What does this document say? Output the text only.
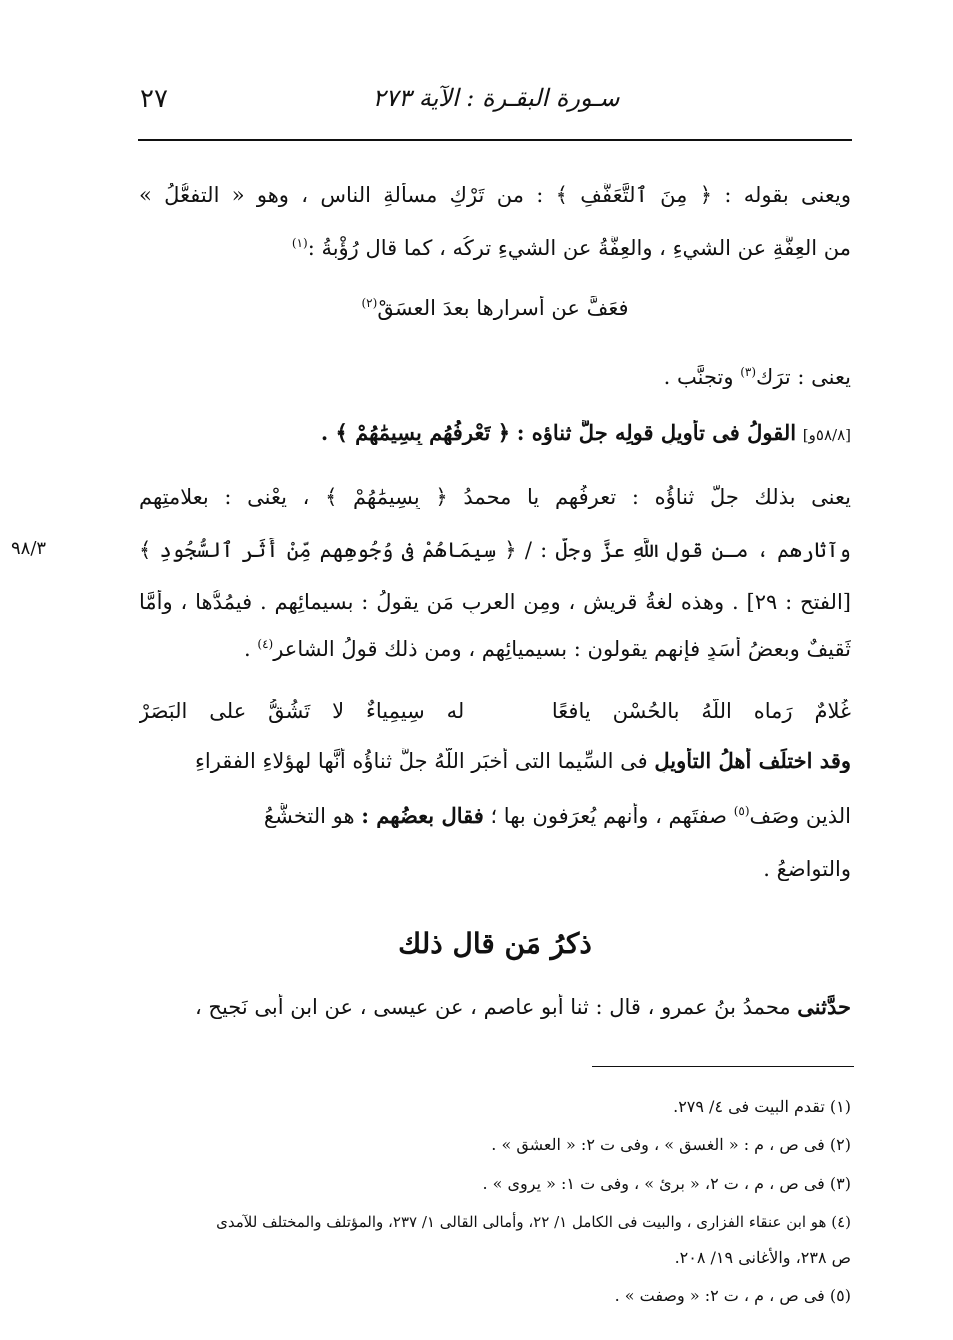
٢٧	سـورة البقـرة : الآية ٢٧٣
ويعنى بقوله : ﴿ مِنَ ٱلتَّعَفُّفِ ﴾ : من تَرْكِ مسألةِ الناسِ ، وهو « التفعُّلُ »
من العِفَّةِ عن الشيءِ ، والعِفَّةُ عن الشيءِ تركُه ، كما قال رُؤْبةُ :$^{(١)}$
فعَفَّ عن أسرارِها بعدَ العسَقْ$^{(٢)}$
يعنى : ترَك$^{(٣)}$ وتجنَّب .
[٥٨/٨و] القولُ فى تأويلِ قولِه جلَّ ثناؤه : ﴿ تَعْرِفُهُم بِسِيمَٰهُمْ ﴾ .
يعنى بذلك جلَّ ثناؤُه : تعرِفُهم يا محمدُ ﴿ بِسِيمَٰهُمْ ﴾ ، يعْنى : بعلامتِهم
٩٨/٣	وآثارِهم ، مـن قولِ اللَّهِ عزَّ وجلَّ : / ﴿ سِيمَاهُمْ فِى وُجُوهِهِم مِّنْ أَثَرِ ٱلسُّجُودِ ﴾
[الفتح : ٢٩] . وهذه لغةُ قريشٍ ، ومِن العربِ مَن يقولُ : بسيمائِهم . فيمُدُّها ، وأمَّا
ثَقيفٌ وبعضُ أسَدٍ فإنهم يقولون : بسيميائِهم ، ومن ذلك قولُ الشاعرِ$^{(٤)}$ .
غُلامٌ رَماه اللَّهُ بالحُسْنِ يافعًا    له سِيمِياءٌ لا تَشُقُّ على البَصَرْ
وقد اختلَف أهلُ التأويلِ فى السِّيما التى أَخبَر اللَّهُ جلَّ ثناؤُه أنَّها لهؤلاءِ الفقراءِ
الذين وصَف$^{(٥)}$ صفتَهم ، وأنهم يُعرَفون بها ؛ فقال بعضُهم : هو التخشُّعُ
والتواضعُ .
ذكرُ مَن قال ذلك
حدَّثنى محمدُ بنُ عمرٍو ، قال : ثنا أبو عاصمٍ ، عن عيسى ، عن ابنِ أبى نَجيحٍ ،
(١) تقدم البيت فى ٤/ ٢٧٩.
(٢) فى ص ، م : « الغسق » ، وفى ت ٢: « العشق » .
(٣) فى ص ، م ، ت ٢، « برئ » ، وفى ت ١: « يروى » .
(٤) هو ابن عنقاء الفزارى ، والبيت فى الكامل ١/ ٢٢، وأمالى القالى ١/ ٢٣٧، والمؤتلف والمختلف للآمدى
ص ٢٣٨، والأغانى ١٩/ ٢٠٨.
(٥) فى ص ، م ، ت ٢: « وصفت » .
